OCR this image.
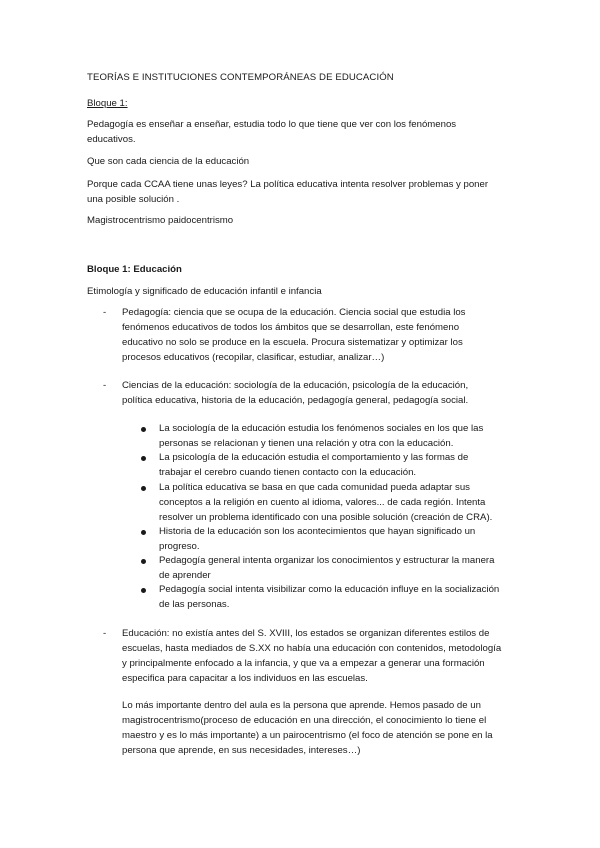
TEORÍAS E INSTITUCIONES CONTEMPORÁNEAS DE EDUCACIÓN
Bloque 1:
Pedagogía es enseñar a enseñar, estudia todo lo que tiene que ver con los fenómenos
educativos.
Que son cada ciencia de la educación
Porque cada CCAA tiene unas leyes? La política educativa intenta resolver problemas y poner
una posible solución .
Magistrocentrismo paidocentrismo
Bloque 1: Educación
Etimología y significado de educación infantil e infancia
- Pedagogía: ciencia que se ocupa de la educación. Ciencia social que estudia los
fenómenos educativos de todos los ámbitos que se desarrollan, este fenómeno
educativo no solo se produce en la escuela. Procura sistematizar y optimizar los
procesos educativos (recopilar, clasificar, estudiar, analizar…)
- Ciencias de la educación: sociología de la educación, psicología de la educación,
política educativa, historia de la educación, pedagogía general, pedagogía social.
La sociología de la educación estudia los fenómenos sociales en los que las
personas se relacionan y tienen una relación y otra con la educación.
La psicología de la educación estudia el comportamiento y las formas de
trabajar el cerebro cuando tienen contacto con la educación.
La política educativa se basa en que cada comunidad pueda adaptar sus
conceptos a la religión en cuento al idioma, valores... de cada región. Intenta
resolver un problema identificado con una posible solución (creación de CRA).
Historia de la educación son los acontecimientos que hayan significado un
progreso.
Pedagogía general intenta organizar los conocimientos y estructurar la manera
de aprender
Pedagogía social intenta visibilizar como la educación influye en la socialización
de las personas.
- Educación: no existía antes del S. XVIII, los estados se organizan diferentes estilos de
escuelas, hasta mediados de S.XX no había una educación con contenidos, metodología
y principalmente enfocado a la infancia, y que va a empezar a generar una formación
especifica para capacitar a los individuos en las escuelas.
Lo más importante dentro del aula es la persona que aprende. Hemos pasado de un
magistrocentrismo(proceso de educación en una dirección, el conocimiento lo tiene el
maestro y es lo más importante) a un pairocentrismo (el foco de atención se pone en la
persona que aprende, en sus necesidades, intereses…)
